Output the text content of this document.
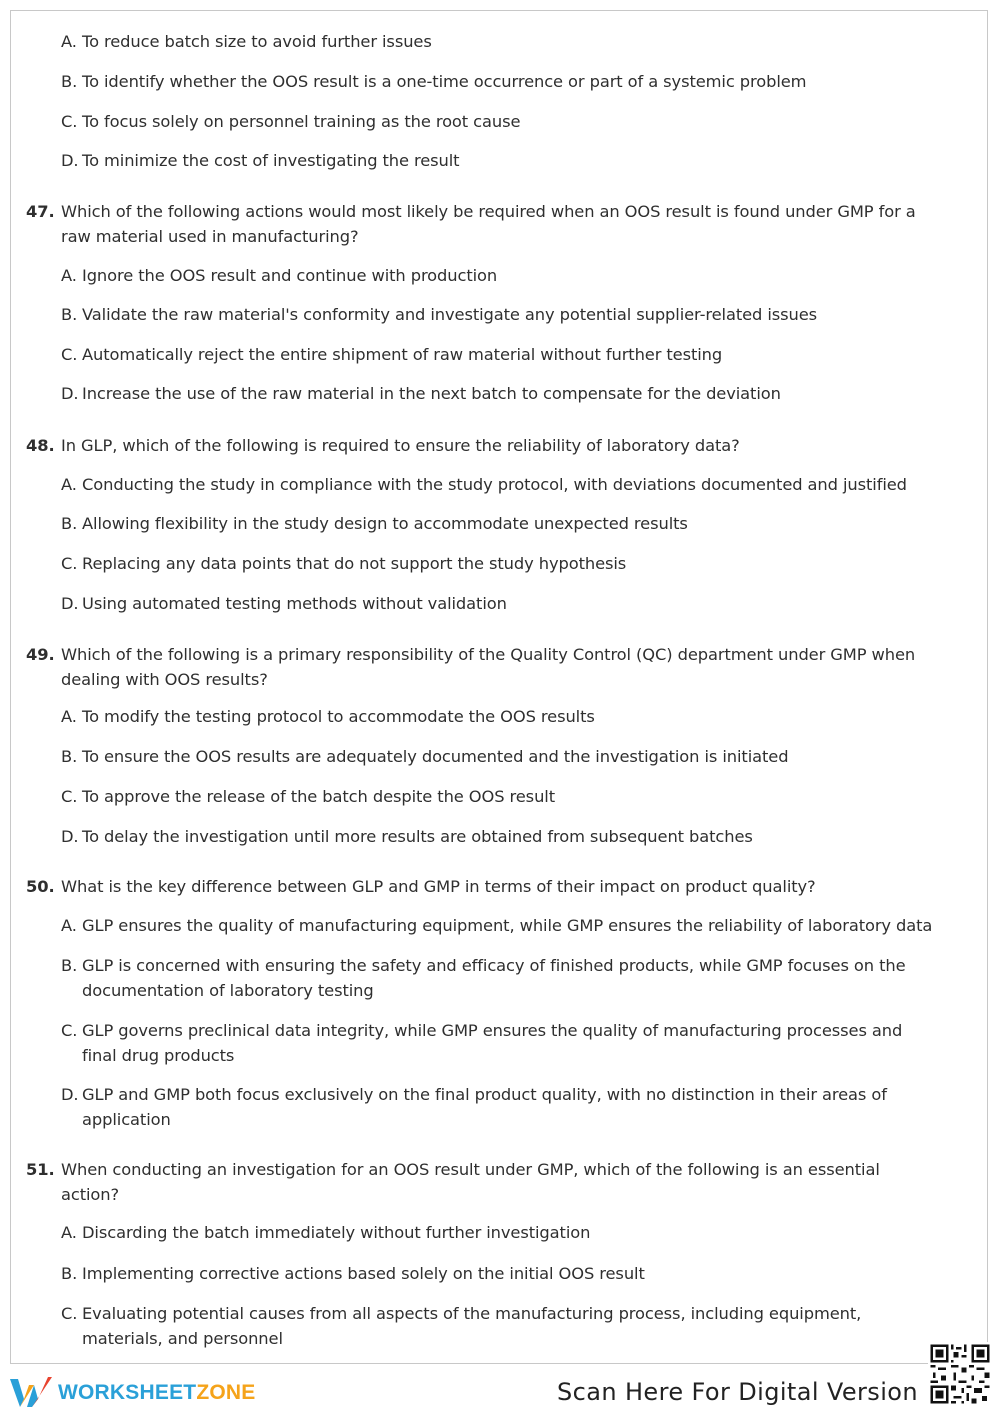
A. To reduce batch size to avoid further issues
B. To identify whether the OOS result is a one-time occurrence or part of a systemic problem
C. To focus solely on personnel training as the root cause
D. To minimize the cost of investigating the result
47. Which of the following actions would most likely be required when an OOS result is found under GMP for a raw material used in manufacturing?
A. Ignore the OOS result and continue with production
B. Validate the raw material's conformity and investigate any potential supplier-related issues
C. Automatically reject the entire shipment of raw material without further testing
D. Increase the use of the raw material in the next batch to compensate for the deviation
48. In GLP, which of the following is required to ensure the reliability of laboratory data?
A. Conducting the study in compliance with the study protocol, with deviations documented and justified
B. Allowing flexibility in the study design to accommodate unexpected results
C. Replacing any data points that do not support the study hypothesis
D. Using automated testing methods without validation
49. Which of the following is a primary responsibility of the Quality Control (QC) department under GMP when dealing with OOS results?
A. To modify the testing protocol to accommodate the OOS results
B. To ensure the OOS results are adequately documented and the investigation is initiated
C. To approve the release of the batch despite the OOS result
D. To delay the investigation until more results are obtained from subsequent batches
50. What is the key difference between GLP and GMP in terms of their impact on product quality?
A. GLP ensures the quality of manufacturing equipment, while GMP ensures the reliability of laboratory data
B. GLP is concerned with ensuring the safety and efficacy of finished products, while GMP focuses on the documentation of laboratory testing
C. GLP governs preclinical data integrity, while GMP ensures the quality of manufacturing processes and final drug products
D. GLP and GMP both focus exclusively on the final product quality, with no distinction in their areas of application
51. When conducting an investigation for an OOS result under GMP, which of the following is an essential action?
A. Discarding the batch immediately without further investigation
B. Implementing corrective actions based solely on the initial OOS result
C. Evaluating potential causes from all aspects of the manufacturing process, including equipment, materials, and personnel
WORKSHEETZONE	Scan Here For Digital Version
